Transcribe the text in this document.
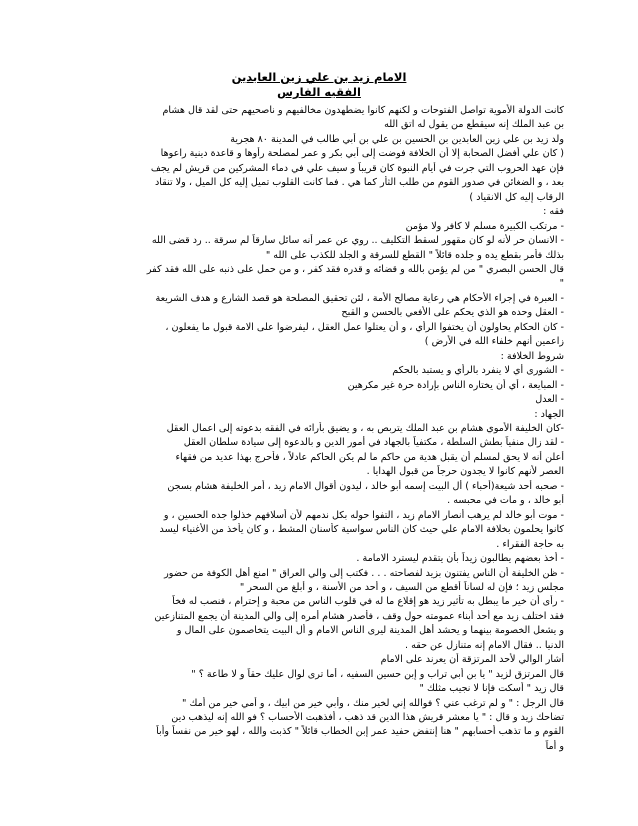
الامام زيد بن علي زين العابدين

الفقيه الفارس

كانت الدولة الأموية تواصل الفتوحات و لكنهم كانوا يضطهدون مخالفيهم و ناصحيهم حتى لقد قال هشام
بن عبد الملك إنه سيقطع من يقول له اتق الله
ولد زيد بن علي زين العابدين بن الحسين بن علي بن أبي طالب في المدينة ٨٠ هجرية
( كان علي أفضل الصحابة إلا أن الخلافة فوضت إلى أبي بكر و عمر لمصلحة رأوها و قاعدة دينية راعوها
فإن عهد الحروب التي جرت في أيام النبوة كان قريباً و سيف علي في دماء المشركين من قريش لم يجف
بعد ، و الضغائن في صدور القوم من طلب الثأر كما هي . فما كانت القلوب تميل إليه كل الميل ، ولا تنقاد
الرقاب إليه كل الانقياد )
فقه :
- مرتكب الكبيرة مسلم لا كافر ولا مؤمن
- الانسان حر لأنه لو كان مقهور لسقط التكليف .. روي عن عمر أنه سائل سارقاً لم سرقة .. رد قضى الله
بذلك فأمر بقطع يده و جلده قائلاً " القطع للسرقة و الجلد للكذب على الله "
قال الحسن البصري " من لم يؤمن بالله و قضائه و قدره فقد كفر ، و من حمل على ذنبه على الله فقد كفر
"
- العبرة في إجراء الأحكام هي رعاية مصالح الأمة ، لئن تحقيق المصلحة هو قصد الشارع و هدف الشريعة
- العقل وحده هو الذي يحكم على الأفعي بالحسن و القبح
- كان الحكام يحاولون أن يختفوا الرأي ، و أن يعتلوا عمل العقل ، ليفرضوا على الامة قبول ما يفعلون ،
زاعمين أنهم خلفاء الله في الأرض )
شروط الخلافة :
- الشورى أي لا ينفرد بالرأي و يستبد بالحكم
- المبايعة ، أي أن يختاره الناس بإرادة حرة غير مكرهين
- العدل
الجهاد :
-كان الخليفة الأموي هشام بن عبد الملك يتربص به ، و يضيق بأرائه في الفقه بدعوته إلى اعمال العقل
- لقد زال منفياً بطش السلطة ، مكتفياً بالجهاد في أمور الدين و بالدعوة إلى سيادة سلطان العقل
أعلن أنه لا يحق لمسلم أن يقبل هدية من حاكم ما لم يكن الحاكم عادلاً ، فأحرج بهذا عديد من فقهاء
العصر لأنهم كانوا لا يجدون حرجاً من قبول الهدايا .
- صحبه أحد شيعة(أحباء ) أل البيت إسمه أبو خالد ، ليدون أقوال الامام زيد ، أمر الخليفة هشام بسجن
أبو خالد ، و مات في محبسه .
- موت أبو خالد لم يرهب أنصار الامام زيد ، التفوا حوله بكل ندمهم لأن أسلافهم خذلوا جده الحسين ، و
كانوا يحلمون بخلافة الامام علي حيث كان الناس سواسية كأسنان المشط ، و كان يأخذ من الأغنياء ليسد
به حاجة الفقراء .
- أخذ بعضهم يطالبون زيداً بأن يتقدم ليسترد الامامة .
- ظن الخليفة أن الناس يفتنون بزيد لفصاحته . . . فكتب إلى والي العراق " امنع أهل الكوفة من حضور
مجلس زيد ؛ فإن له لساناً أقطع من السيف ، و أحد من الأسنة ، و أبلغ من السحر "
- رأى أن خير ما يبطل به تأثير زيد هو إقلاع ما له في قلوب الناس من محبة و إحترام ، فنصب له فخاً
فقد اختلف زيد مع أحد أبناء عمومته حول وقف ، فأصدر هشام أمره إلى والي المدينة أن يجمع المتنازعين
و يشعل الخصومة بينهما و يحشد أهل المدينة ليرى الناس الامام و أل البيت يتخاصمون على المال و
الدنيا .. فقال الامام إنه متنازل عن حقه .
أشار الوالي لأحد المرتزقة أن يعرند على الامام
قال المرتزق لزيد " يا بن أبي تراب و إبن حسين السفيه ، أما ترى لوال عليك حقاً و لا طاعة ؟ "
قال زيد " أسكت فإنا لا نجيب مثلك "
قال الرجل : " و لم ترغب عني ؟ فوالله إني لخير منك ، وأبي خير من ابيك ، و أمي خير من أمك "
تضاحك زيد و قال : " يا معشر قريش هذا الدين قد ذهب ، أفذهبت الأحساب ؟ فو الله إنه ليذهب دين
القوم و ما تذهب أحسابهم " هنا إنتفض حفيد عمر إبن الخطاب قائلاً " كذبت والله ، لهو خير من نفساً وأباً
و أماً
